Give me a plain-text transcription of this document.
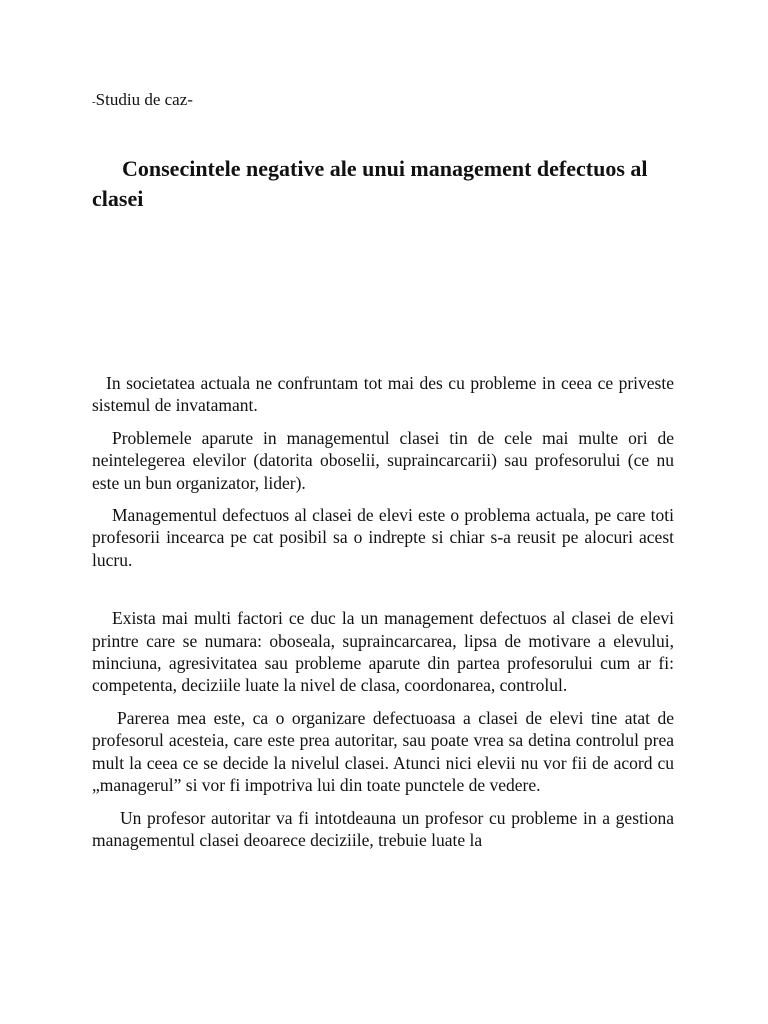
-Studiu de caz-
Consecintele negative ale unui management defectuos al clasei

In societatea actuala ne confruntam tot mai des cu probleme in ceea ce priveste sistemul de invatamant.

Problemele aparute in managementul clasei tin de cele mai multe ori de neintelegerea elevilor (datorita oboselii, supraincarcarii) sau profesorului (ce nu este un bun organizator, lider).

Managementul defectuos al clasei de elevi este o problema actuala, pe care toti profesorii incearca pe cat posibil sa o indrepte si chiar s-a reusit pe alocuri acest lucru.

Exista mai multi factori ce duc la un management defectuos al clasei de elevi printre care se numara: oboseala, supraincarcarea, lipsa de motivare a elevului, minciuna, agresivitatea sau probleme aparute din partea profesorului cum ar fi: competenta, deciziile luate la nivel de clasa, coordonarea, controlul.

Parerea mea este, ca o organizare defectuoasa a clasei de elevi tine atat de profesorul acesteia, care este prea autoritar, sau poate vrea sa detina controlul prea mult la ceea ce se decide la nivelul clasei. Atunci nici elevii nu vor fii de acord cu „managerul” si vor fi impotriva lui din toate punctele de vedere.

Un profesor autoritar va fi intotdeauna un profesor cu probleme in a gestiona managementul clasei deoarece deciziile, trebuie luate la
